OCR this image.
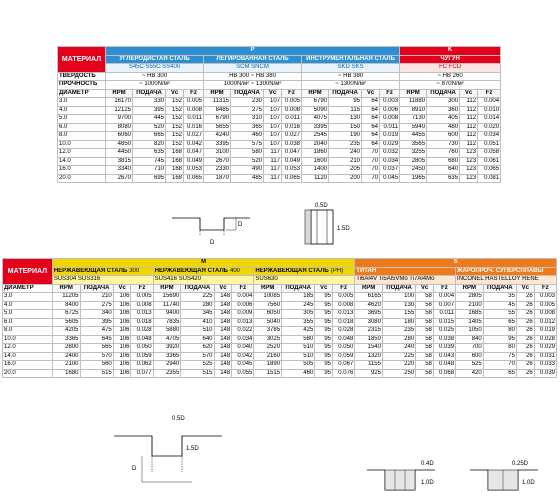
МАТЕРИАЛ	P												K			
	УГЛЕРОДИСТАЯ СТАЛЬ				ЛЕГИРОВАННАЯ СТАЛЬ				ИНСТРУМЕНТАЛЬНАЯ СТАЛЬ				ЧУГУН			
	S45C S55C SS400				SCM SNCM				SKD SKS				FC FCD			
ТВЕРДОСТЬ	~ HB 300				HB 300 ~ HB 380				~ HB 380				~ HB 260			
ПРОЧНОСТЬ	~ 1000N/м²				1000N/м² ~ 1300N/м²				~ 1300N/м²				~ 870N/м²			
ДИАМЕТР	RPM	ПОДАЧА	Vc	Fz	RPM	ПОДАЧА	Vc	Fz	RPM	ПОДАЧА	Vc	Fz	RPM	ПОДАЧА	Vc	Fz
3.0	16170	330	152	0.005	11315	230	107	0.005	6790	95	64	0.003	11880	300	112	0.004
4.0	12125	395	152	0.008	8485	275	107	0.008	5090	115	64	0.006	8910	360	112	0.010
5.0	9700	445	152	0.011	6790	310	107	0.011	4075	130	64	0.008	7130	405	112	0.014
6.0	8080	520	152	0.016	5655	365	107	0.016	3395	150	64	0.011	5940	480	112	0.020
8.0	6060	665	152	0.027	4240	460	107	0.027	2545	190	64	0.019	4455	600	112	0.034
10.0	4850	820	152	0.042	3395	575	107	0.038	2040	235	64	0.029	3565	730	112	0.051
12.0	4450	635	168	0.047	3100	580	117	0.047	1860	240	70	0.032	3255	760	123	0.058
14.0	3815	745	168	0.049	2670	520	117	0.049	1600	210	70	0.034	2805	680	123	0.061
16.0	3340	710	168	0.053	2330	490	117	0.053	1400	205	70	0.037	2450	640	123	0.065
20.0	2670	695	168	0.065	1870	485	117	0.065	1120	200	70	0.045	1965	635	123	0.081
D
D
0.5D
1.5D
МАТЕРИАЛ	M												S							
	НЕРЖАВЕЮЩАЯ СТАЛЬ 300				НЕРЖАВЕЮЩАЯ СТАЛЬ 400				НЕРЖАВЕЮЩАЯ СТАЛЬ (PH)				ТИТАН				ЖАРОПРОЧ. СУПЕРСПЛАВЫ			
	SUS304 SUS316				SUS416 SUS420				SUS630				Ti6Al4V Ti5Al5VMo Ti7Al4Mo				INCONEL HASTELLOY RENE			
ДИАМЕТР	RPM	ПОДАЧА	Vc	Fz	RPM	ПОДАЧА	Vc	Fz	RPM	ПОДАЧА	Vc	Fz	RPM	ПОДАЧА	Vc	Fz	RPM	ПОДАЧА	Vc	Fz
3.0	11205	210	106	0.005	15690	225	148	0.004	10085	185	95	0.005	6165	100	58	0.004	2805	35	26	0.003
4.0	8400	275	106	0.008	11740	280	148	0.006	7560	245	95	0.008	4620	130	58	0.007	2100	45	26	0.005
5.0	6725	340	106	0.013	9400	345	148	0.009	6050	305	95	0.013	3695	155	58	0.011	1685	55	26	0.008
6.0	5605	395	106	0.018	7835	410	148	0.013	5040	355	95	0.018	3080	180	58	0.015	1405	65	26	0.012
8.0	4205	475	106	0.028	5880	510	148	0.022	3785	425	95	0.028	2315	235	58	0.025	1050	80	26	0.019
10.0	3365	645	106	0.048	4705	640	148	0.034	3025	580	95	0.048	1850	280	58	0.038	840	95	26	0.028
12.0	2800	565	106	0.050	3920	620	148	0.040	2520	510	95	0.050	1540	240	58	0.039	700	80	26	0.029
14.0	2400	570	106	0.059	3365	570	148	0.042	2160	510	95	0.059	1320	225	58	0.043	600	75	26	0.031
16.0	2100	560	106	0.062	2940	525	148	0.045	1890	505	95	0.067	1155	220	58	0.048	525	70	26	0.033
20.0	1680	515	106	0.077	2355	515	148	0.055	1515	460	95	0.076	925	250	58	0.068	420	65	26	0.039
0.5D
1.5D
D
0.4D
1.0D
0.25D
1.0D
